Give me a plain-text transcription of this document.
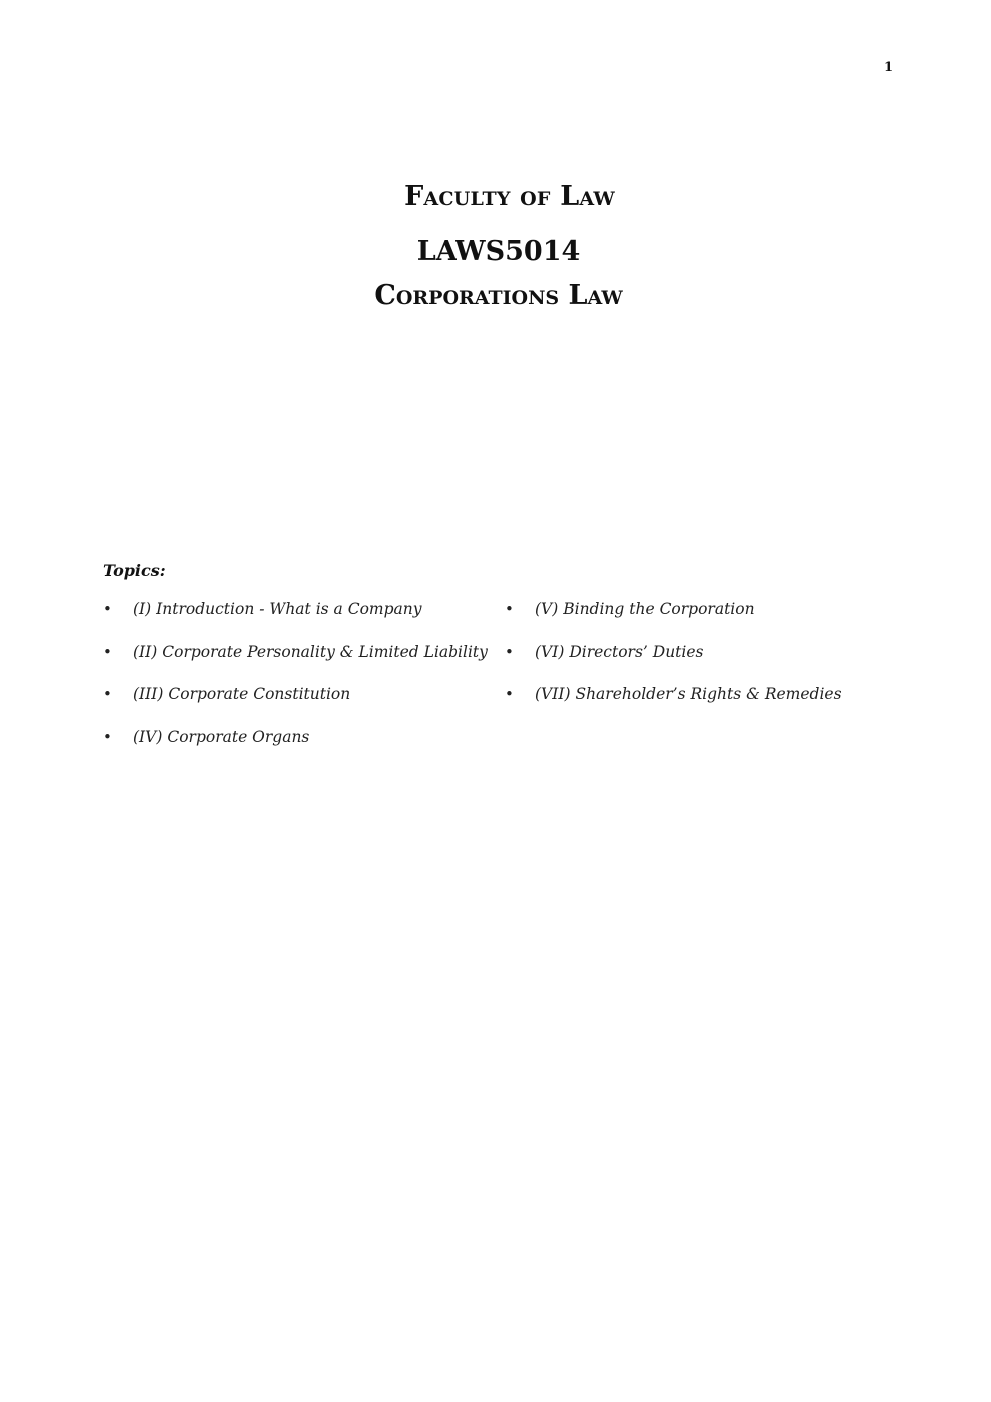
1
Faculty of Law
LAWS5014
Corporations Law
Topics:
• (I) Introduction - What is a Company
• (II) Corporate Personality & Limited Liability
• (III) Corporate Constitution
• (IV) Corporate Organs
• (V) Binding the Corporation
• (VI) Directors’ Duties
• (VII) Shareholder’s Rights & Remedies
